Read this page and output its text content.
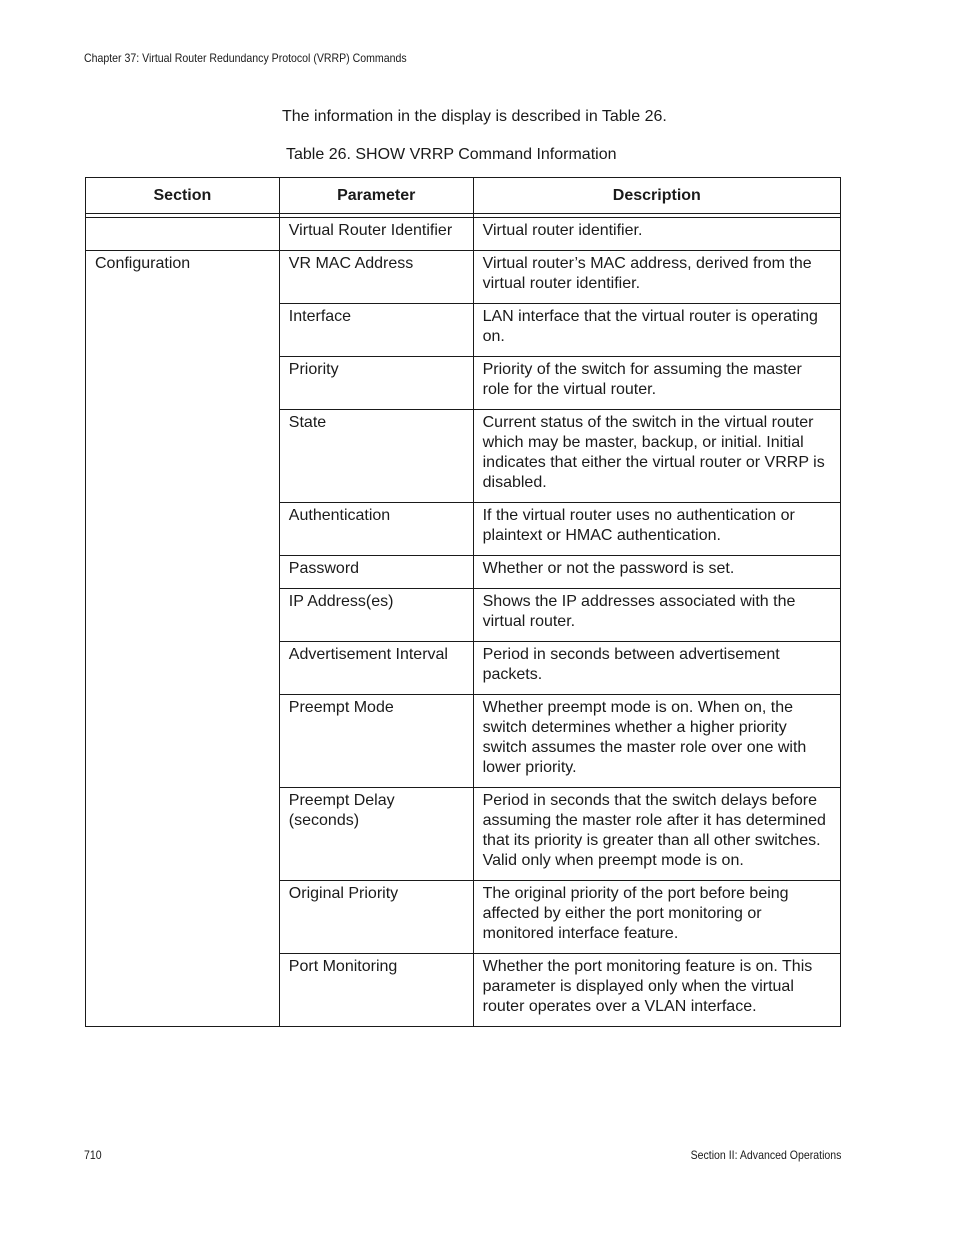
Chapter 37: Virtual Router Redundancy Protocol (VRRP) Commands
The information in the display is described in Table 26.
Table 26. SHOW VRRP Command Information
Section	Parameter	Description

	Virtual Router Identifier	Virtual router identifier.
Configuration	VR MAC Address	Virtual router’s MAC address, derived from the virtual router identifier.
	Interface	LAN interface that the virtual router is operating on.
	Priority	Priority of the switch for assuming the master role for the virtual router.
	State	Current status of the switch in the virtual router which may be master, backup, or initial. Initial indicates that either the virtual router or VRRP is disabled.
	Authentication	If the virtual router uses no authentication or plaintext or HMAC authentication.
	Password	Whether or not the password is set.
	IP Address(es)	Shows the IP addresses associated with the virtual router.
	Advertisement Interval	Period in seconds between advertisement packets.
	Preempt Mode	Whether preempt mode is on. When on, the switch determines whether a higher priority switch assumes the master role over one with lower priority.
	Preempt Delay (seconds)	Period in seconds that the switch delays before assuming the master role after it has determined that its priority is greater than all other switches. Valid only when preempt mode is on.
	Original Priority	The original priority of the port before being affected by either the port monitoring or monitored interface feature.
	Port Monitoring	Whether the port monitoring feature is on. This parameter is displayed only when the virtual router operates over a VLAN interface.
710	Section II: Advanced Operations
